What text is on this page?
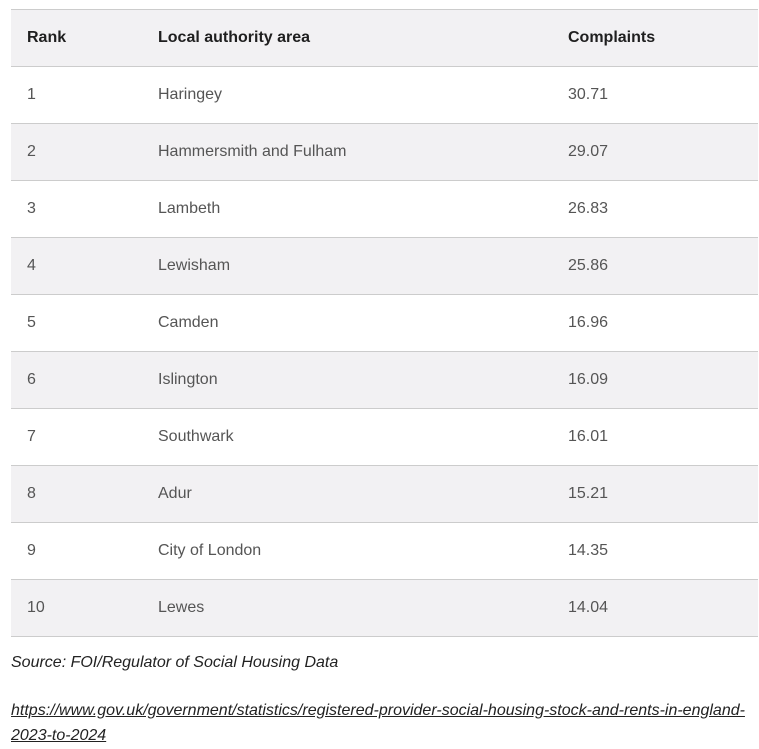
Rank	Local authority area	Complaints
1	Haringey	30.71
2	Hammersmith and Fulham	29.07
3	Lambeth	26.83
4	Lewisham	25.86
5	Camden	16.96
6	Islington	16.09
7	Southwark	16.01
8	Adur	15.21
9	City of London	14.35
10	Lewes	14.04

Source: FOI/Regulator of Social Housing Data

https://www.gov.uk/government/statistics/registered-provider-social-housing-stock-and-rents-in-england-2023-to-2024
